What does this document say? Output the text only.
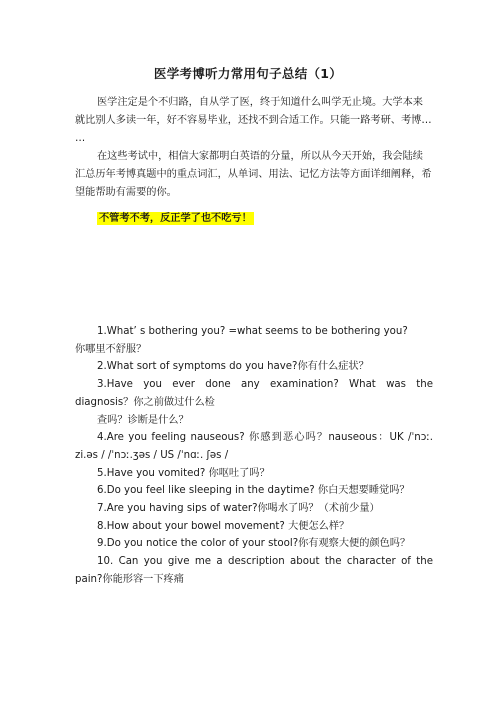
医学考博听力常用句子总结（1）

医学注定是个不归路，自从学了医，终于知道什么叫学无止境。大学本来就比别人多读一年，好不容易毕业，还找不到合适工作。只能一路考研、考博… …

在这些考试中，相信大家都明白英语的分量，所以从今天开始，我会陆续汇总历年考博真题中的重点词汇，从单词、用法、记忆方法等方面详细阐释，希望能帮助有需要的你。

不管考不考，反正学了也不吃亏！

1.What’ s bothering you? =what seems to be bothering you?

你哪里不舒服？

2.What sort of symptoms do you have?你有什么症状？

3.Have you ever done any examination? What was the diagnosis？你之前做过什么检

查吗？诊断是什么？

4.Are you feeling nauseous? 你感到恶心吗？nauseous：UK /ˈnɔː. zi.əs / /ˈnɔː.ʒəs / US /ˈnɑː. ʃəs /

5.Have you vomited? 你呕吐了吗？

6.Do you feel like sleeping in the daytime? 你白天想要睡觉吗？

7.Are you having sips of water?你喝水了吗？（术前少量）

8.How about your bowel movement? 大便怎么样？

9.Do you notice the color of your stool?你有观察大便的颜色吗？

10. Can you give me a description about the character of the pain?你能形容一下疼痛
